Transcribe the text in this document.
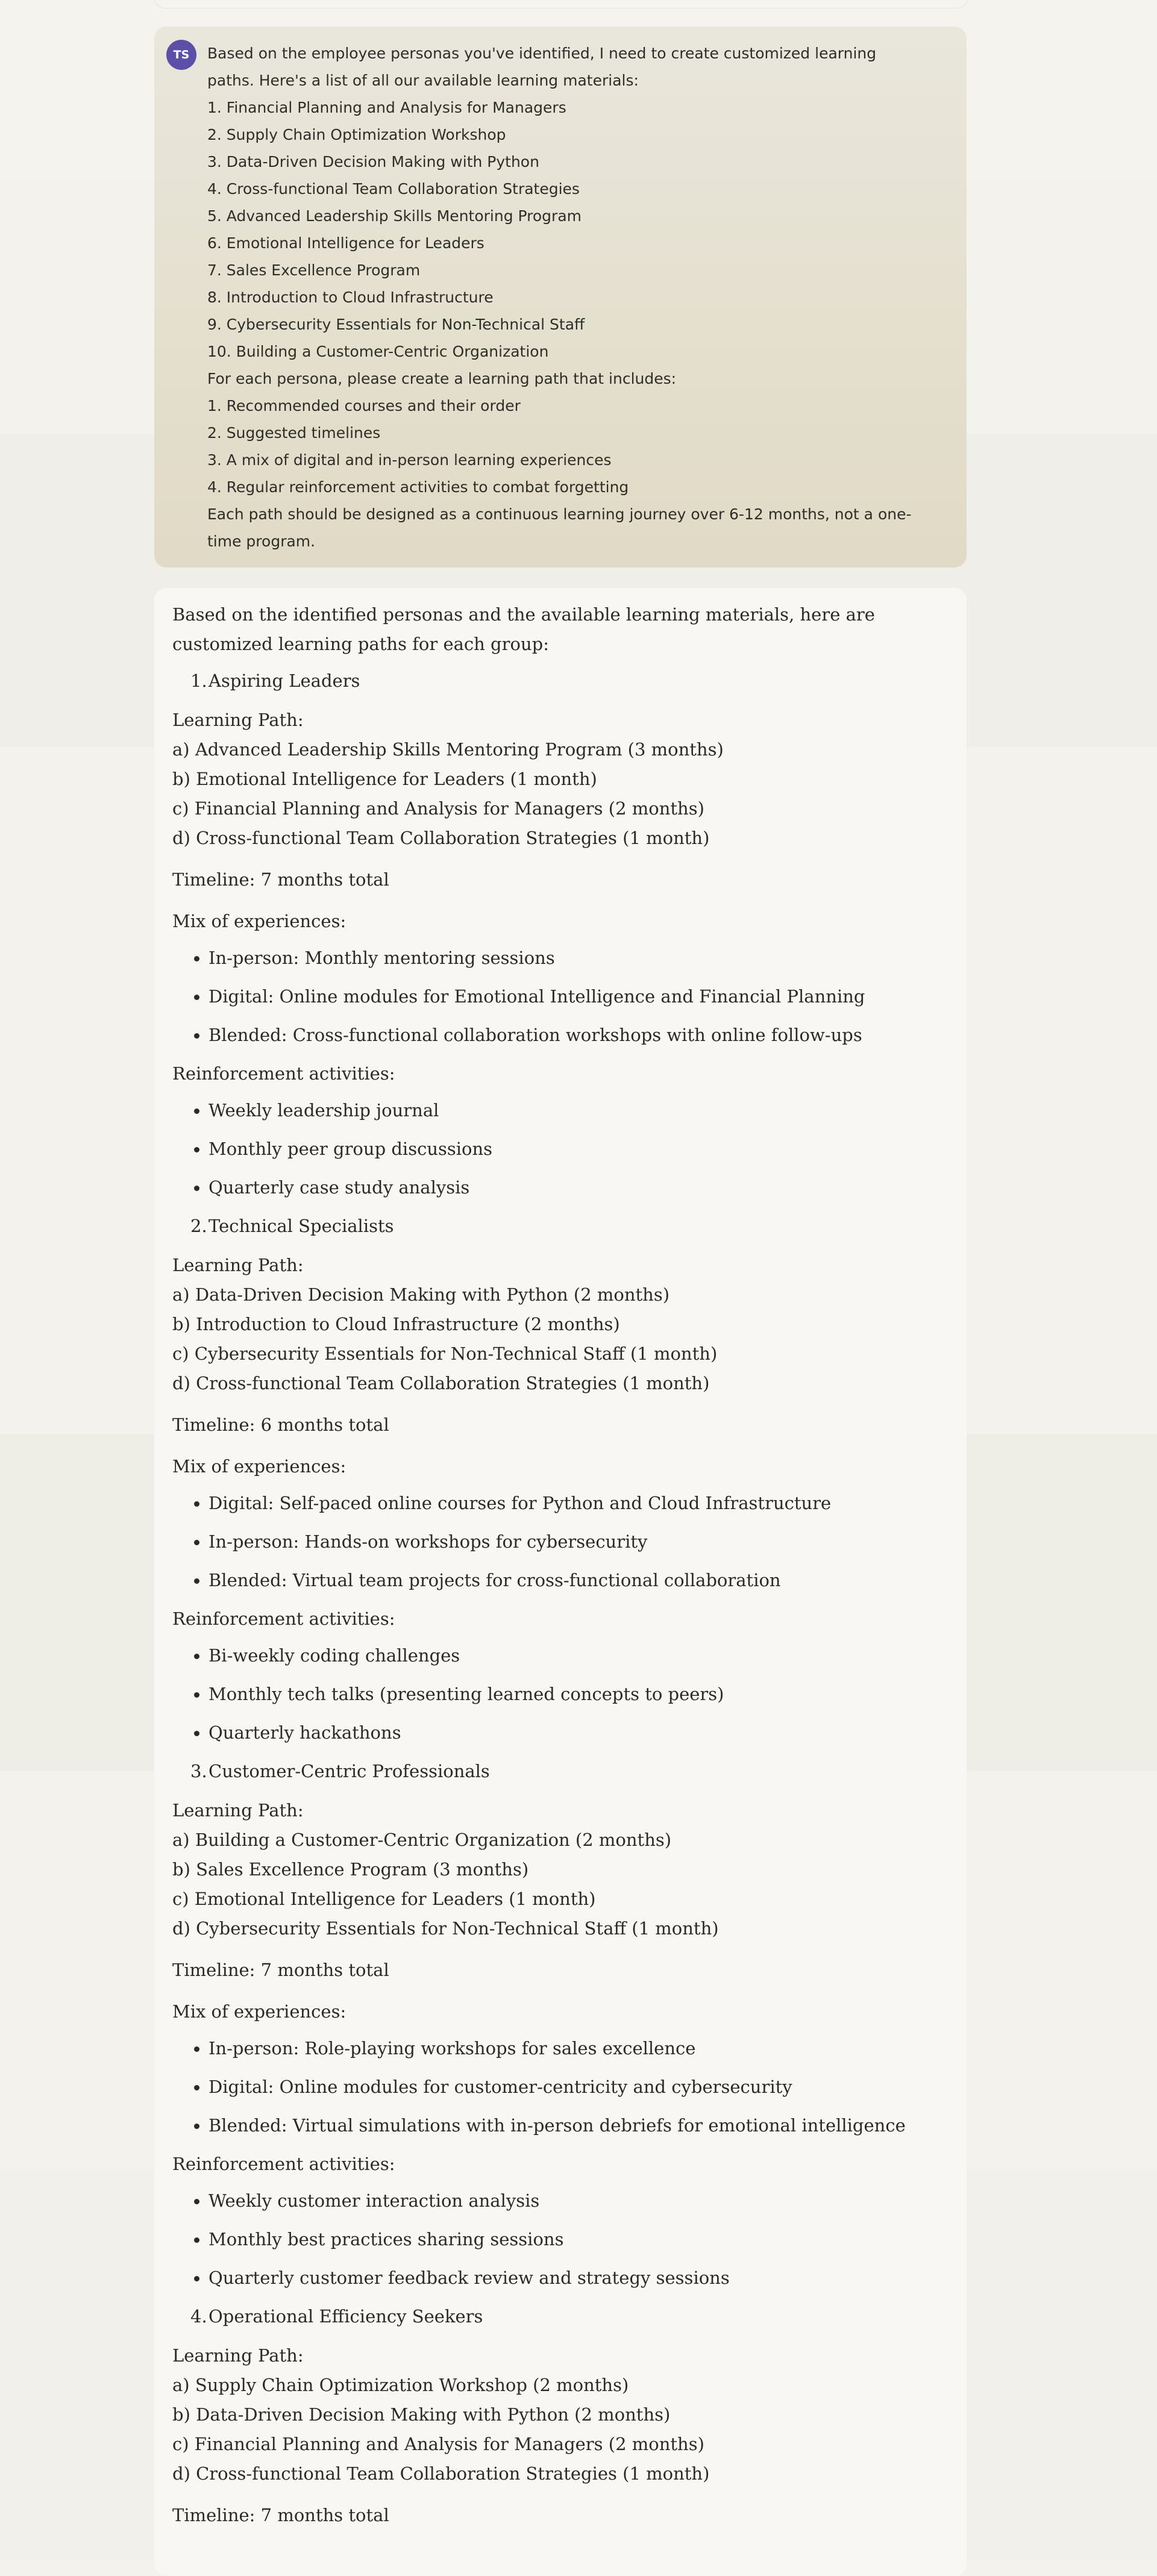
TS	Based on the employee personas you've identified, I need to create customized learning

paths. Here's a list of all our available learning materials:

1. Financial Planning and Analysis for Managers

2. Supply Chain Optimization Workshop

3. Data-Driven Decision Making with Python

4. Cross-functional Team Collaboration Strategies

5. Advanced Leadership Skills Mentoring Program

6. Emotional Intelligence for Leaders

7. Sales Excellence Program

8. Introduction to Cloud Infrastructure

9. Cybersecurity Essentials for Non-Technical Staff

10. Building a Customer-Centric Organization

For each persona, please create a learning path that includes:

1. Recommended courses and their order

2. Suggested timelines

3. A mix of digital and in-person learning experiences

4. Regular reinforcement activities to combat forgetting

Each path should be designed as a continuous learning journey over 6-12 months, not a one-

time program.

Based on the identified personas and the available learning materials, here are

customized learning paths for each group:

1. Aspiring Leaders

Learning Path:

a) Advanced Leadership Skills Mentoring Program (3 months)

b) Emotional Intelligence for Leaders (1 month)

c) Financial Planning and Analysis for Managers (2 months)

d) Cross-functional Team Collaboration Strategies (1 month)

Timeline: 7 months total

Mix of experiences:

In-person: Monthly mentoring sessions
Digital: Online modules for Emotional Intelligence and Financial Planning
Blended: Cross-functional collaboration workshops with online follow-ups

Reinforcement activities:

Weekly leadership journal
Monthly peer group discussions
Quarterly case study analysis
2. Technical Specialists

Learning Path:

a) Data-Driven Decision Making with Python (2 months)

b) Introduction to Cloud Infrastructure (2 months)

c) Cybersecurity Essentials for Non-Technical Staff (1 month)

d) Cross-functional Team Collaboration Strategies (1 month)

Timeline: 6 months total

Mix of experiences:

Digital: Self-paced online courses for Python and Cloud Infrastructure
In-person: Hands-on workshops for cybersecurity
Blended: Virtual team projects for cross-functional collaboration

Reinforcement activities:

Bi-weekly coding challenges
Monthly tech talks (presenting learned concepts to peers)
Quarterly hackathons
3. Customer-Centric Professionals

Learning Path:

a) Building a Customer-Centric Organization (2 months)

b) Sales Excellence Program (3 months)

c) Emotional Intelligence for Leaders (1 month)

d) Cybersecurity Essentials for Non-Technical Staff (1 month)

Timeline: 7 months total

Mix of experiences:

In-person: Role-playing workshops for sales excellence
Digital: Online modules for customer-centricity and cybersecurity
Blended: Virtual simulations with in-person debriefs for emotional intelligence

Reinforcement activities:

Weekly customer interaction analysis
Monthly best practices sharing sessions
Quarterly customer feedback review and strategy sessions
4. Operational Efficiency Seekers

Learning Path:

a) Supply Chain Optimization Workshop (2 months)

b) Data-Driven Decision Making with Python (2 months)

c) Financial Planning and Analysis for Managers (2 months)

d) Cross-functional Team Collaboration Strategies (1 month)

Timeline: 7 months total
